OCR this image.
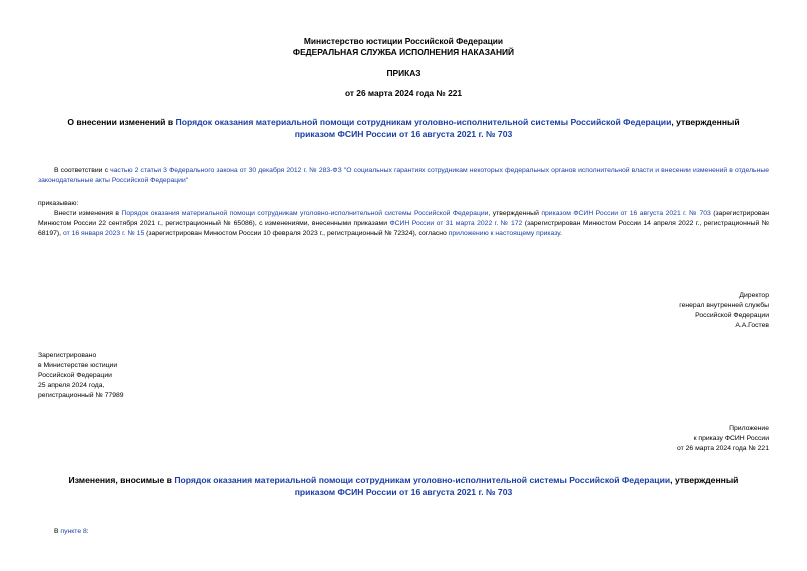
Министерство юстиции Российской Федерации
ФЕДЕРАЛЬНАЯ СЛУЖБА ИСПОЛНЕНИЯ НАКАЗАНИЙ
ПРИКАЗ
от 26 марта 2024 года № 221
О внесении изменений в Порядок оказания материальной помощи сотрудникам уголовно-исполнительной системы Российской Федерации, утвержденный приказом ФСИН России от 16 августа 2021 г. № 703
В соответствии с частью 2 статьи 3 Федерального закона от 30 декабря 2012 г. № 283-ФЗ "О социальных гарантиях сотрудникам некоторых федеральных органов исполнительной власти и внесении изменений в отдельные законодательные акты Российской Федерации"
приказываю:
Внести изменения в Порядок оказания материальной помощи сотрудникам уголовно-исполнительной системы Российской Федерации, утвержденный приказом ФСИН России от 16 августа 2021 г. № 703 (зарегистрирован Минюстом России 22 сентября 2021 г., регистрационный № 65086), с изменениями, внесенными приказами ФСИН России от 31 марта 2022 г. № 172 (зарегистрирован Минюстом России 14 апреля 2022 г., регистрационный № 68197), от 16 января 2023 г. № 15 (зарегистрирован Минюстом России 10 февраля 2023 г., регистрационный № 72324), согласно приложению к настоящему приказу.
Директор
генерал внутренней службы
Российской Федерации
А.А.Гостев
Зарегистрировано
в Министерстве юстиции
Российской Федерации
25 апреля 2024 года,
регистрационный № 77989
Приложение
к приказу ФСИН России
от 26 марта 2024 года № 221
Изменения, вносимые в Порядок оказания материальной помощи сотрудникам уголовно-исполнительной системы Российской Федерации, утвержденный приказом ФСИН России от 16 августа 2021 г. № 703
В пункте 8:
